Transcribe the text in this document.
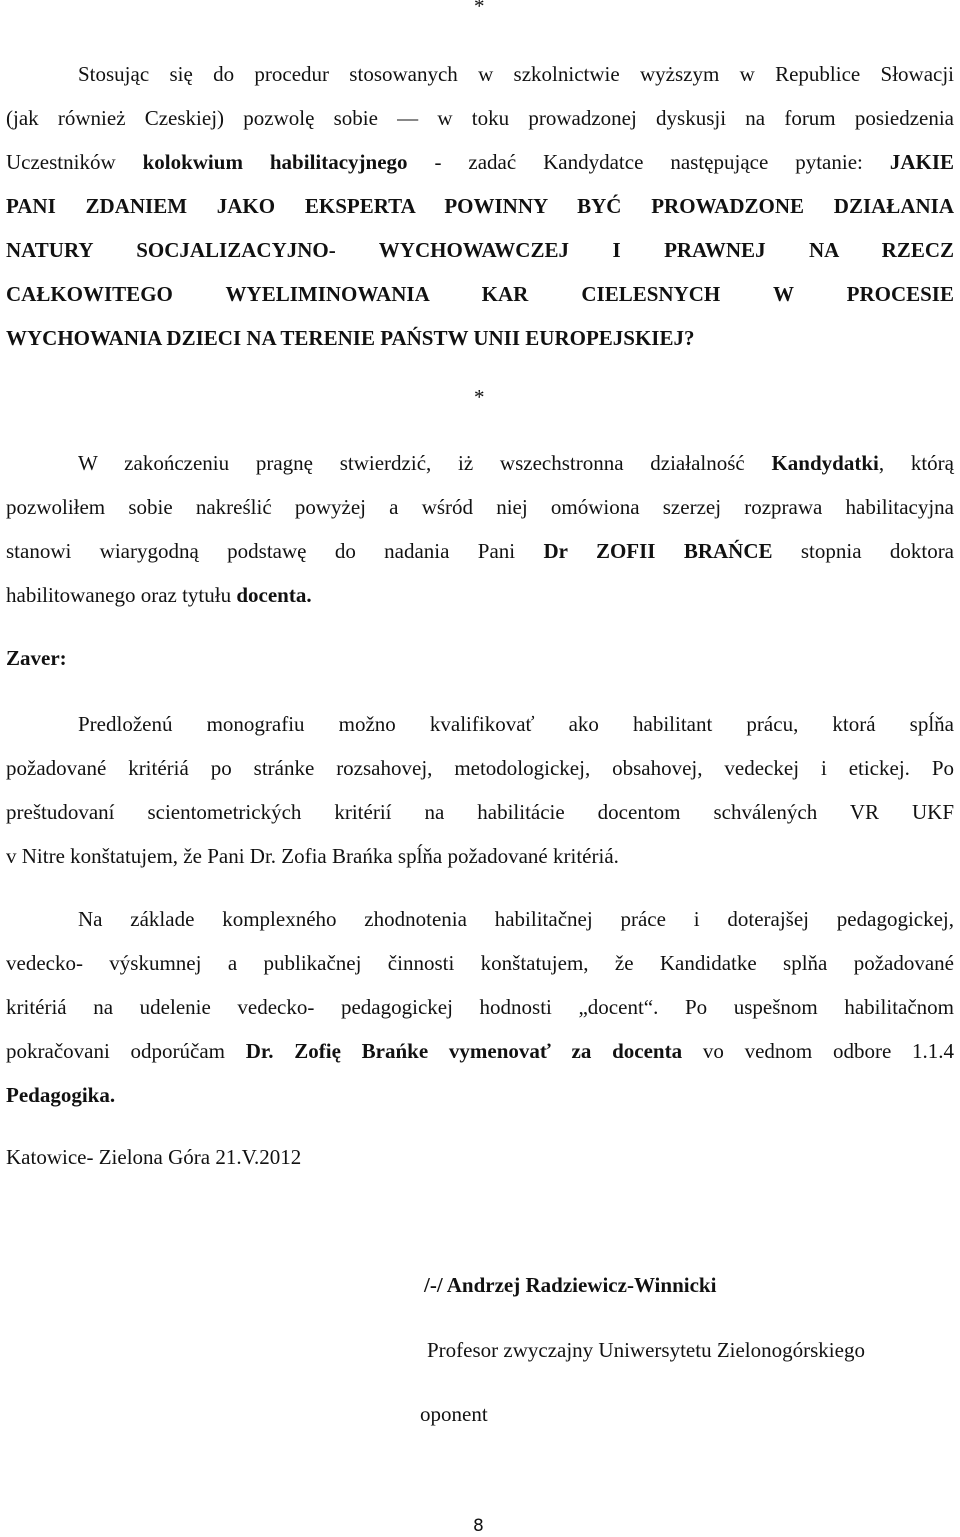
*
Stosując się do procedur stosowanych w szkolnictwie wyższym w Republice Słowacji
(jak również Czeskiej) pozwolę sobie — w toku prowadzonej dyskusji na forum posiedzenia
Uczestników kolokwium habilitacyjnego - zadać Kandydatce następujące pytanie: JAKIE
PANI ZDANIEM JAKO EKSPERTA POWINNY BYĆ PROWADZONE DZIAŁANIA
NATURY SOCJALIZACYJNO- WYCHOWAWCZEJ I PRAWNEJ NA RZECZ
CAŁKOWITEGO WYELIMINOWANIA KAR CIELESNYCH W PROCESIE
WYCHOWANIA DZIECI NA TERENIE PAŃSTW UNII EUROPEJSKIEJ?
*
W zakończeniu pragnę stwierdzić, iż wszechstronna działalność Kandydatki, którą
pozwoliłem sobie nakreślić powyżej a wśród niej omówiona szerzej rozprawa habilitacyjna
stanowi wiarygodną podstawę do nadania Pani Dr ZOFII BRAŃCE stopnia doktora
habilitowanego oraz tytułu docenta.
Zaver:
Predloženú monografiu možno kvalifikovať ako habilitant prácu, ktorá spĺňa
požadované kritériá po stránke rozsahovej, metodologickej, obsahovej, vedeckej i etickej. Po
preštudovaní scientometrických kritérií na habilitácie docentom schválených VR UKF
v Nitre konštatujem, že Pani Dr. Zofia Brańka spĺňa požadované kritériá.
Na základe komplexného zhodnotenia habilitačnej práce i doterajšej pedagogickej,
vedecko- výskumnej a publikačnej činnosti konštatujem, že Kandidatke splňa požadované
kritériá na udelenie vedecko- pedagogickej hodnosti „docent“. Po uspešnom habilitačnom
pokračovani odporúčam Dr. Zofię Brańke vymenovať za docenta vo vednom odbore 1.1.4
Pedagogika.
Katowice- Zielona Góra 21.V.2012
/-/ Andrzej Radziewicz-Winnicki
Profesor zwyczajny Uniwersytetu Zielonogórskiego
oponent
8
